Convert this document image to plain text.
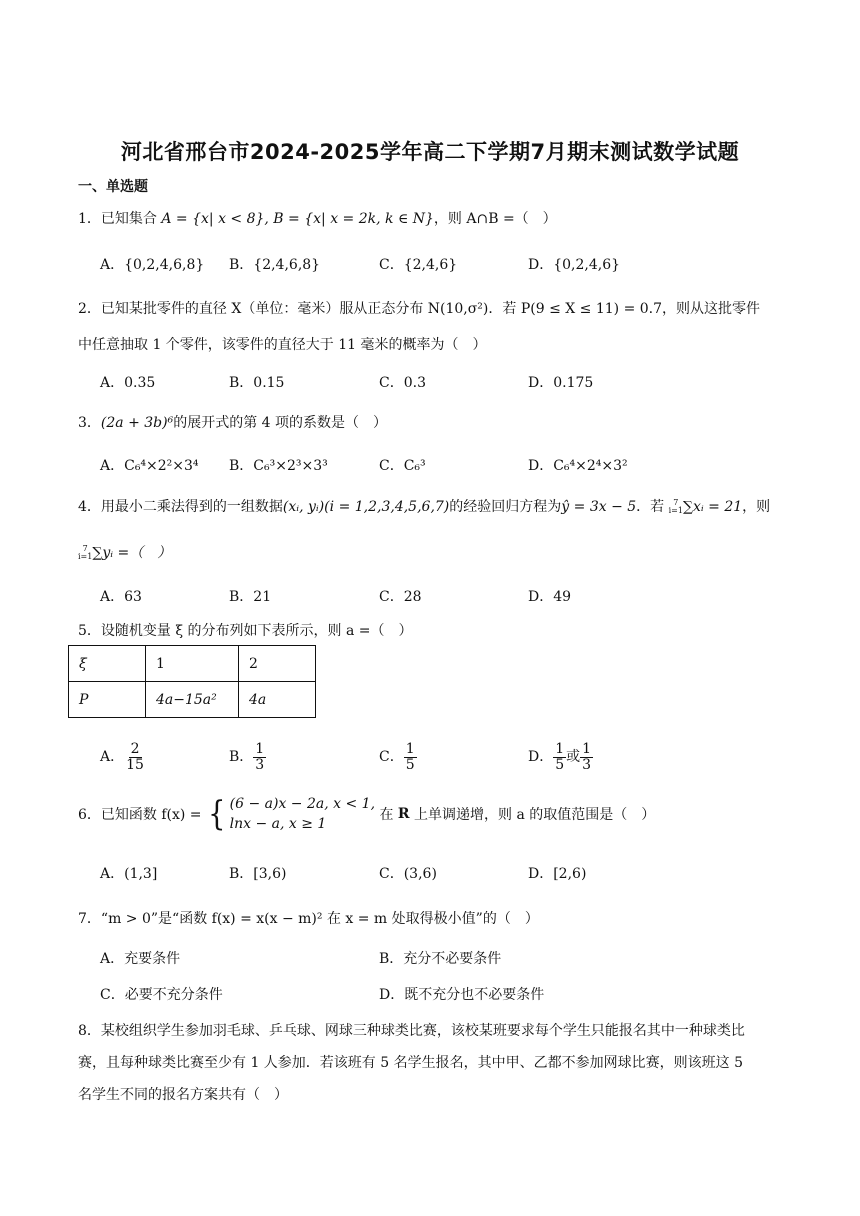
河北省邢台市2024-2025学年高二下学期7月期末测试数学试题
一、单选题
1．已知集合 A = {x| x < 8}, B = {x| x = 2k, k ∈ N}，则 A∩B =（　）
A．{0,2,4,6,8} B．{2,4,6,8}	C．{2,4,6}	D．{0,2,4,6}
2．已知某批零件的直径 X（单位：毫米）服从正态分布 N(10,σ²)．若 P(9 ≤ X ≤ 11) = 0.7，则从这批零件
中任意抽取 1 个零件，该零件的直径大于 11 毫米的概率为（　）
A．0.35	B．0.15	C．0.3	D．0.175
3．(2a + 3b)⁶的展开式的第 4 项的系数是（　）
A．C₆⁴×2²×3⁴ B．C₆³×2³×3³	C．C₆³	D．C₆⁴×2⁴×3²
4．用最小二乘法得到的一组数据(xᵢ, yᵢ)(i = 1,2,3,4,5,6,7)的经验回归方程为ŷ = 3x − 5．若 7
i=1 ∑xᵢ = 21，则
7
i=1 ∑yᵢ =（　）
A．63	B．21	C．28	D．49
5．设随机变量 ξ 的分布列如下表所示，则 a =（　）
ξ	1	2
P	4a−15a²	4a
A． $\frac{2}{15}$	B． $\frac{1}{3}$	C． $\frac{1}{5}$	D． $\frac{1}{5}$ 或 $\frac{1}{3}$
6．已知函数 f(x) = { (6 − a)x − 2a, x < 1,
lnx − a, x ≥ 1
在 R 上单调递增，则 a 的取值范围是（　）
A．(1,3]	B．[3,6)	C．(3,6)	D．[2,6)
7．“m > 0”是“函数 f(x) = x(x − m)² 在 x = m 处取得极小值”的（　）
A．充要条件	B．充分不必要条件
C．必要不充分条件	D．既不充分也不必要条件
8．某校组织学生参加羽毛球、乒乓球、网球三种球类比赛，该校某班要求每个学生只能报名其中一种球类比
赛，且每种球类比赛至少有 1 人参加．若该班有 5 名学生报名，其中甲、乙都不参加网球比赛，则该班这 5
名学生不同的报名方案共有（　）
